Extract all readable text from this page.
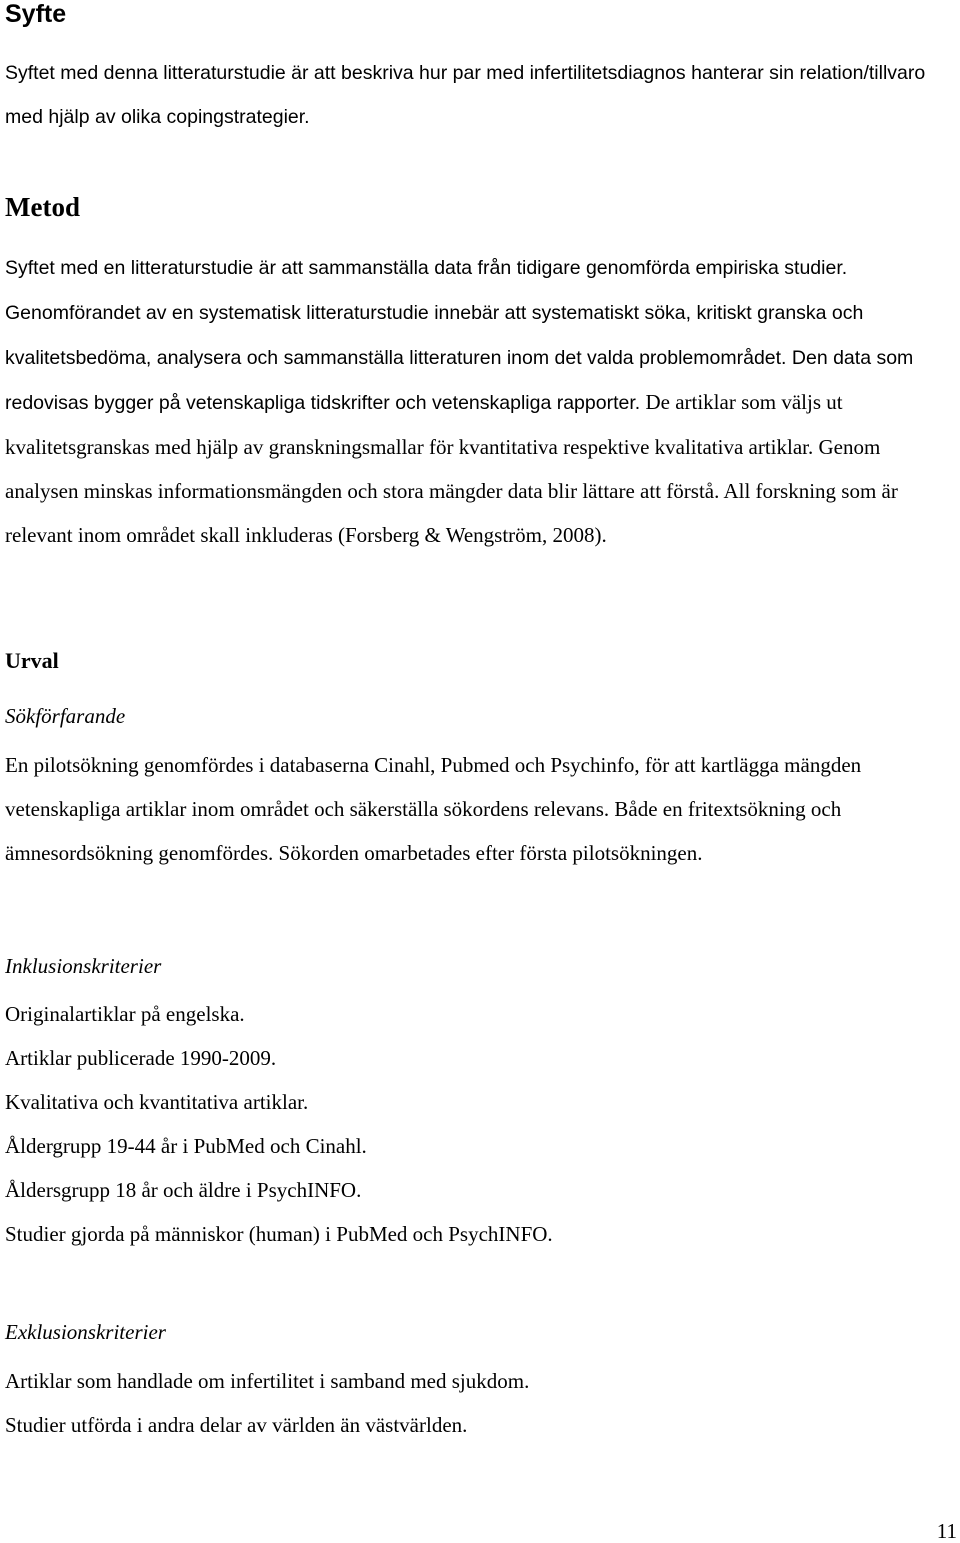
Syfte

Syftet med denna litteraturstudie är att beskriva hur par med infertilitetsdiagnos hanterar sin relation/tillvaro med hjälp av olika copingstrategier.

Metod

Syftet med en litteraturstudie är att sammanställa data från tidigare genomförda empiriska studier. Genomförandet av en systematisk litteraturstudie innebär att systematiskt söka, kritiskt granska och kvalitetsbedöma, analysera och sammanställa litteraturen inom det valda problemområdet. Den data som redovisas bygger på vetenskapliga tidskrifter och vetenskapliga rapporter. De artiklar som väljs ut kvalitetsgranskas med hjälp av granskningsmallar för kvantitativa respektive kvalitativa artiklar. Genom analysen minskas informationsmängden och stora mängder data blir lättare att förstå. All forskning som är relevant inom området skall inkluderas (Forsberg & Wengström, 2008).

Urval
Sökförfarande

En pilotsökning genomfördes i databaserna Cinahl, Pubmed och Psychinfo, för att kartlägga mängden vetenskapliga artiklar inom området och säkerställa sökordens relevans. Både en fritextsökning och ämnesordsökning genomfördes. Sökorden omarbetades efter första pilotsökningen.

Inklusionskriterier
Originalartiklar på engelska.
Artiklar publicerade 1990-2009.
Kvalitativa och kvantitativa artiklar.
Åldergrupp 19-44 år i PubMed och Cinahl.
Åldersgrupp 18 år och äldre i PsychINFO.
Studier gjorda på människor (human) i PubMed och PsychINFO.
Exklusionskriterier
Artiklar som handlade om infertilitet i samband med sjukdom.
Studier utförda i andra delar av världen än västvärlden.
11
